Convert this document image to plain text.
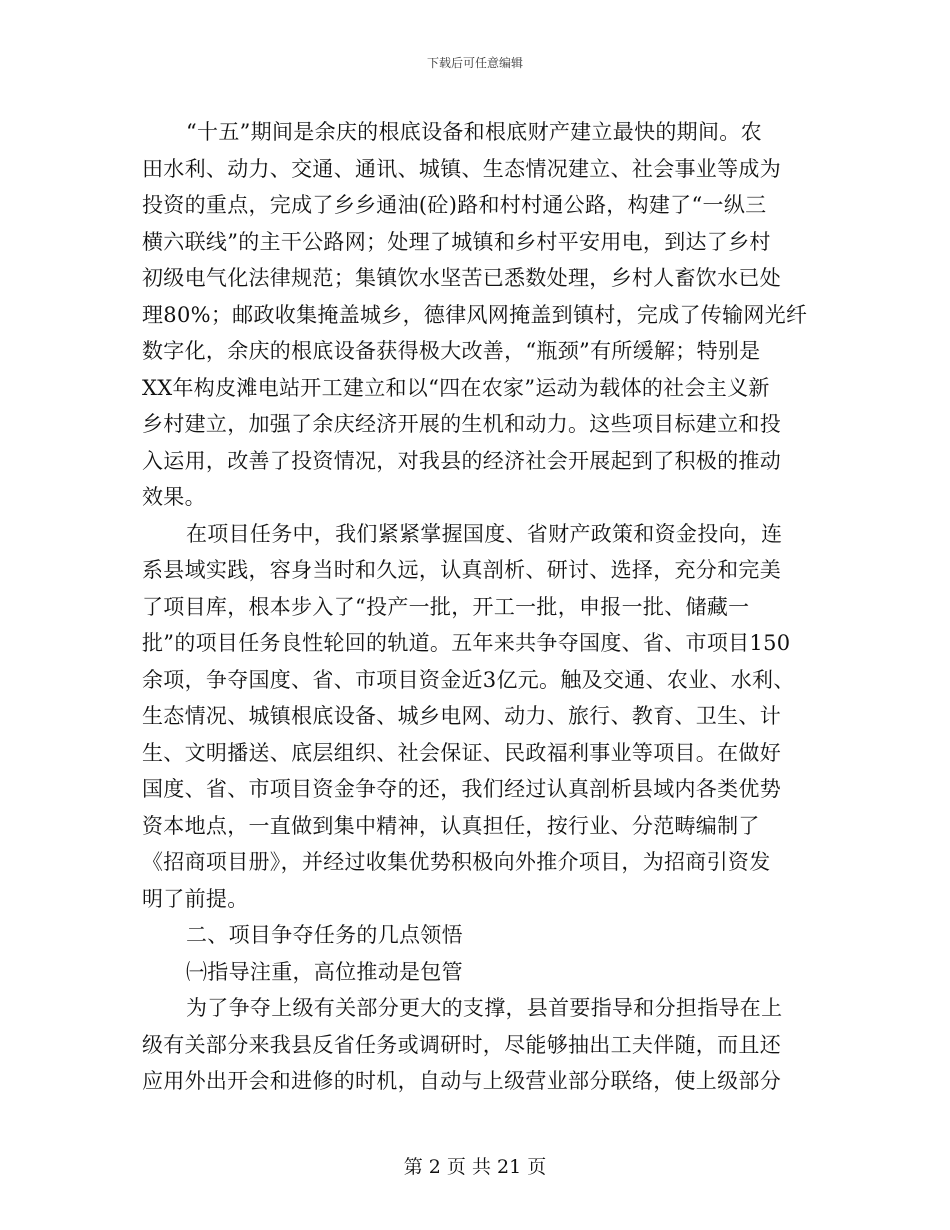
下载后可任意编辑
“十五”期间是余庆的根底设备和根底财产建立最快的期间。农
田水利、动力、交通、通讯、城镇、生态情况建立、社会事业等成为
投资的重点，完成了乡乡通油(砼)路和村村通公路，构建了“一纵三
横六联线”的主干公路网；处理了城镇和乡村平安用电，到达了乡村
初级电气化法律规范；集镇饮水坚苦已悉数处理，乡村人畜饮水已处
理80%；邮政收集掩盖城乡，德律风网掩盖到镇村，完成了传输网光纤
数字化，余庆的根底设备获得极大改善，“瓶颈”有所缓解；特别是
XX年构皮滩电站开工建立和以“四在农家”运动为载体的社会主义新
乡村建立，加强了余庆经济开展的生机和动力。这些项目标建立和投
入运用，改善了投资情况，对我县的经济社会开展起到了积极的推动
效果。
在项目任务中，我们紧紧掌握国度、省财产政策和资金投向，连
系县域实践，容身当时和久远，认真剖析、研讨、选择，充分和完美
了项目库，根本步入了“投产一批，开工一批，申报一批、储藏一
批”的项目任务良性轮回的轨道。五年来共争夺国度、省、市项目150
余项，争夺国度、省、市项目资金近3亿元。触及交通、农业、水利、
生态情况、城镇根底设备、城乡电网、动力、旅行、教育、卫生、计
生、文明播送、底层组织、社会保证、民政福利事业等项目。在做好
国度、省、市项目资金争夺的还，我们经过认真剖析县域内各类优势
资本地点，一直做到集中精神，认真担任，按行业、分范畴编制了
《招商项目册》，并经过收集优势积极向外推介项目，为招商引资发
明了前提。
二、项目争夺任务的几点领悟
㈠指导注重，高位推动是包管
为了争夺上级有关部分更大的支撑，县首要指导和分担指导在上
级有关部分来我县反省任务或调研时，尽能够抽出工夫伴随，而且还
应用外出开会和进修的时机，自动与上级营业部分联络，使上级部分
第 2 页 共 21 页
